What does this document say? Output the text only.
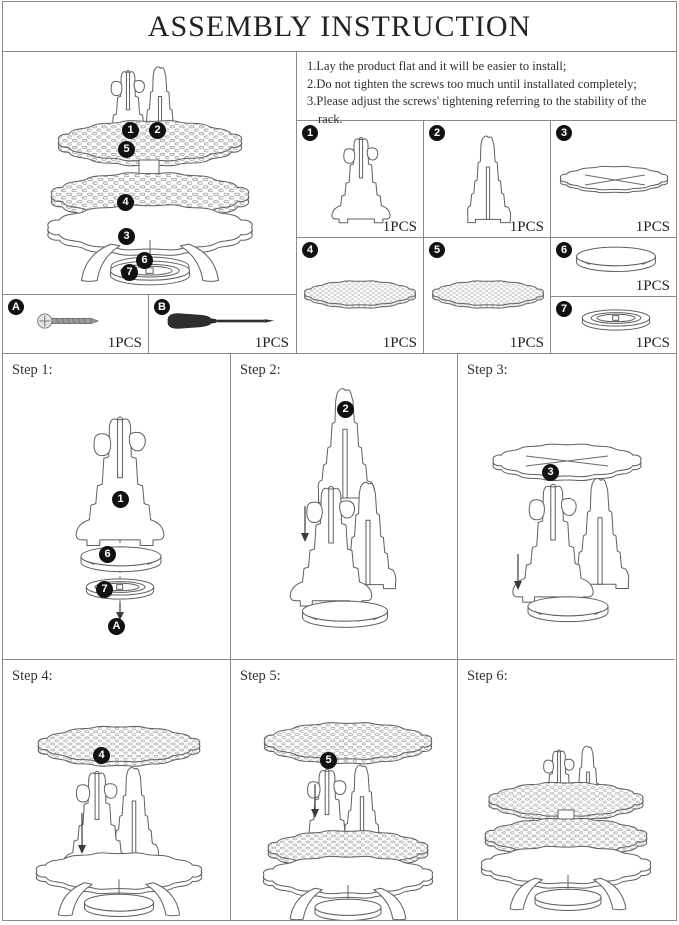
ASSEMBLY INSTRUCTION
1	2
5
4
3
6
7
A
1PCS
B
1PCS
1.Lay the product flat and it will be easier to install;
2.Do not tighten the screws too much until installated completely;
3.Please adjust the screws' tightening referring to the stability of the rack.
1
1PCS
2
1PCS
3
1PCS
4
1PCS
5
1PCS
6
1PCS
7
1PCS
Step 1:
1
6
7
A
Step 2:
2
Step 3:
3
Step 4:
4
Step 5:
5
Step 6:
